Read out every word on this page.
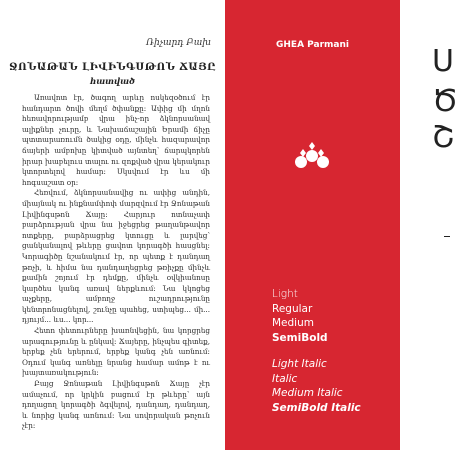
Ռիչարդ Բախ
ՋՈՆԱԹԱՆ ԼԻՎԻՆԳՍԹՈՆ ՃԱՅԸ
հատված

Առավոտ էր, ծագող արևը ոսկեզօծում էր հանդարտ ծովի մեղմ ծփանքը։ Ափից մի մղոն հեռավորությամբ վրա ինչ-որ ձկնորսանավ ալիքներ չուրը, և Նախաճաշային Երամի ճիչը պտտարառումն ծակից օդը, մինչև հազարավոր ճայերի ամբոխը կիտված այնտեղ՝ ճարպկորեն իրար խաբելուս տալու ու զոքված վրա կերակուր կտորտելով համար։ Սկսվում էր ևս մի հոգսաշատ օր։

Հեռվում, ձկնորսանավից ու ափից անդին, միայնակ ու ինքնամփոփ մարզվում էր Ջոնաթան Լիվինգսթոն Ճայը։ Հարյուր ոտնաչափ բարձրության վրա նա իջեցրեց թաղանթավոր ոտքերը, բարձրացրեց կտուցը և լարվեց՝ ցանկանալով թևերը ցավոտ կորագծի հասցնել։ Կորագիծը նշանակում էր, որ պետք է դանդաղ թռչի, և հիմա նա դանդաղեցրեց թռիչքը մինչև քամին շոյում էր դեմքը, մինչև օվկիանոսը կարծես կանգ առավ ներքևում։ Նա կկոցեց աչքերը, ամբողջ ուշադրությունը կենտրոնացնելով, շունչը պահեց, ստիպեց... մի... դյույմ... ևս... կոր...

Հետո փետուրները խառնվեցին, նա կորցրեց արագությունը և ընկավ։ Ճայերը, ինչպես գիտեք, երբեք չեն երերում, երբեք կանգ չեն առնում։ Օդում կանգ առնելը նրանց համար ամոթ է ու խայտառակություն։

Բայց Ջոնաթան Լիվինգսթոն Ճայը չէր ամաչում, որ կրկին բացում էր թևերը՝ այն դողացող կորագծի ձգվելով, դանդաղ, դանդաղ, և նորից կանգ առնում։ Նա սովորական թռչուն չէր։

GHEA Parmani
Light
Regular
Medium
SemiBold
Light Italic
Italic
Medium Italic
SemiBold Italic
Ս
Ծ
Շ
